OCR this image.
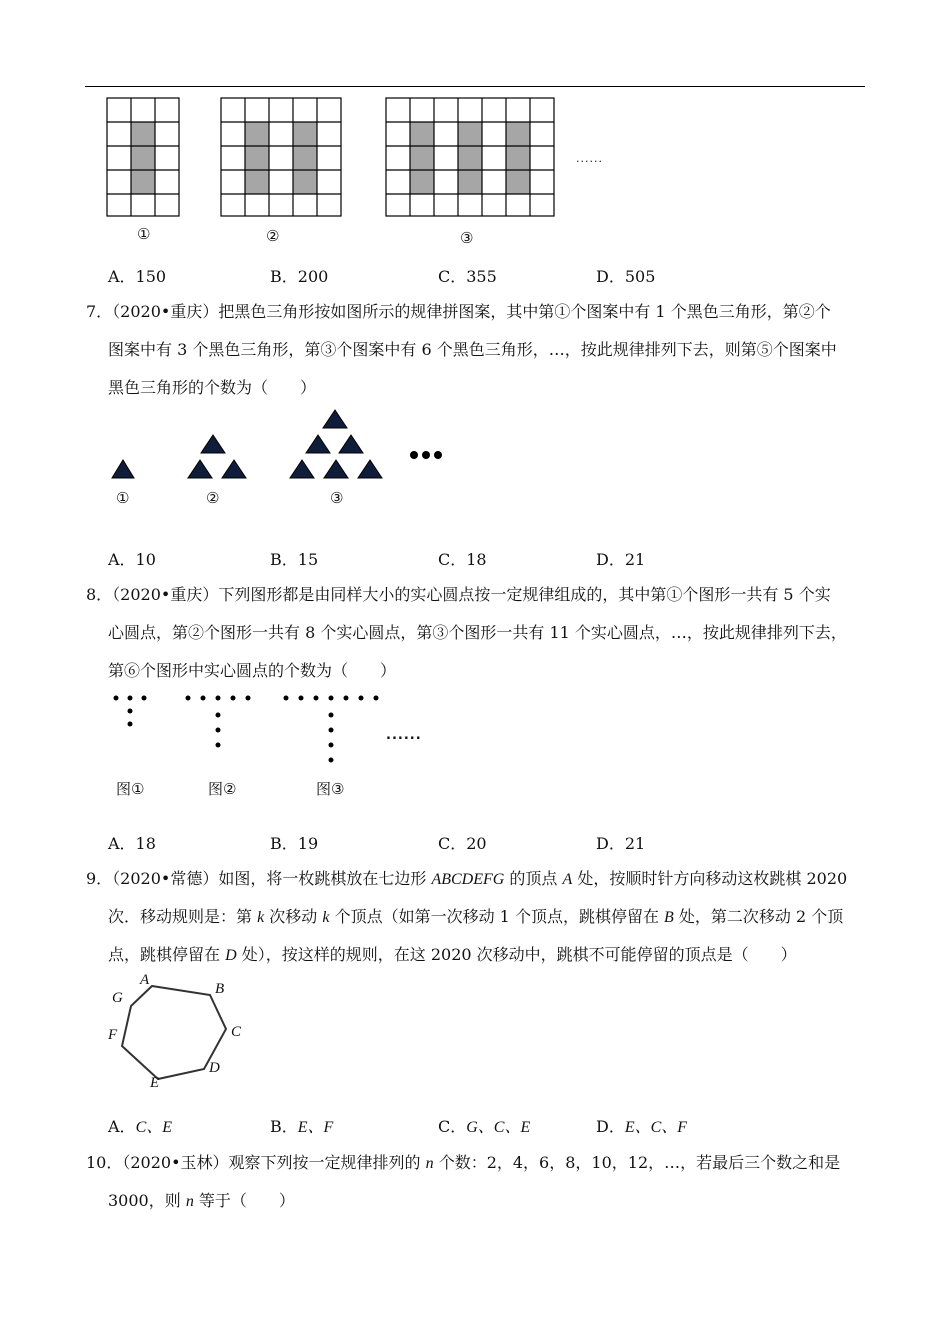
①	②	③
......
A．150	B．200	C．355	D．505
7．（2020•重庆）把黑色三角形按如图所示的规律拼图案，其中第①个图案中有 1 个黑色三角形，第②个
图案中有 3 个黑色三角形，第③个图案中有 6 个黑色三角形，…，按此规律排列下去，则第⑤个图案中
黑色三角形的个数为（　　）
①	②	③
A．10	B．15	C．18	D．21
8．（2020•重庆）下列图形都是由同样大小的实心圆点按一定规律组成的，其中第①个图形一共有 5 个实
心圆点，第②个图形一共有 8 个实心圆点，第③个图形一共有 11 个实心圆点，…，按此规律排列下去，
第⑥个图形中实心圆点的个数为（　　）
......
图①	图②	图③
A．18	B．19	C．20	D．21
9．（2020•常德）如图，将一枚跳棋放在七边形 ABCDEFG 的顶点 A 处，按顺时针方向移动这枚跳棋 2020
次．移动规则是：第 k 次移动 k 个顶点（如第一次移动 1 个顶点，跳棋停留在 B 处，第二次移动 2 个顶
点，跳棋停留在 D 处），按这样的规则，在这 2020 次移动中，跳棋不可能停留的顶点是（　　）
A
B
C
D
E
F
G
A．C、E	B．E、F	C．G、C、E	D．E、C、F
10．（2020•玉林）观察下列按一定规律排列的 n 个数：2，4，6，8，10，12，…，若最后三个数之和是
3000，则 n 等于（　　）
